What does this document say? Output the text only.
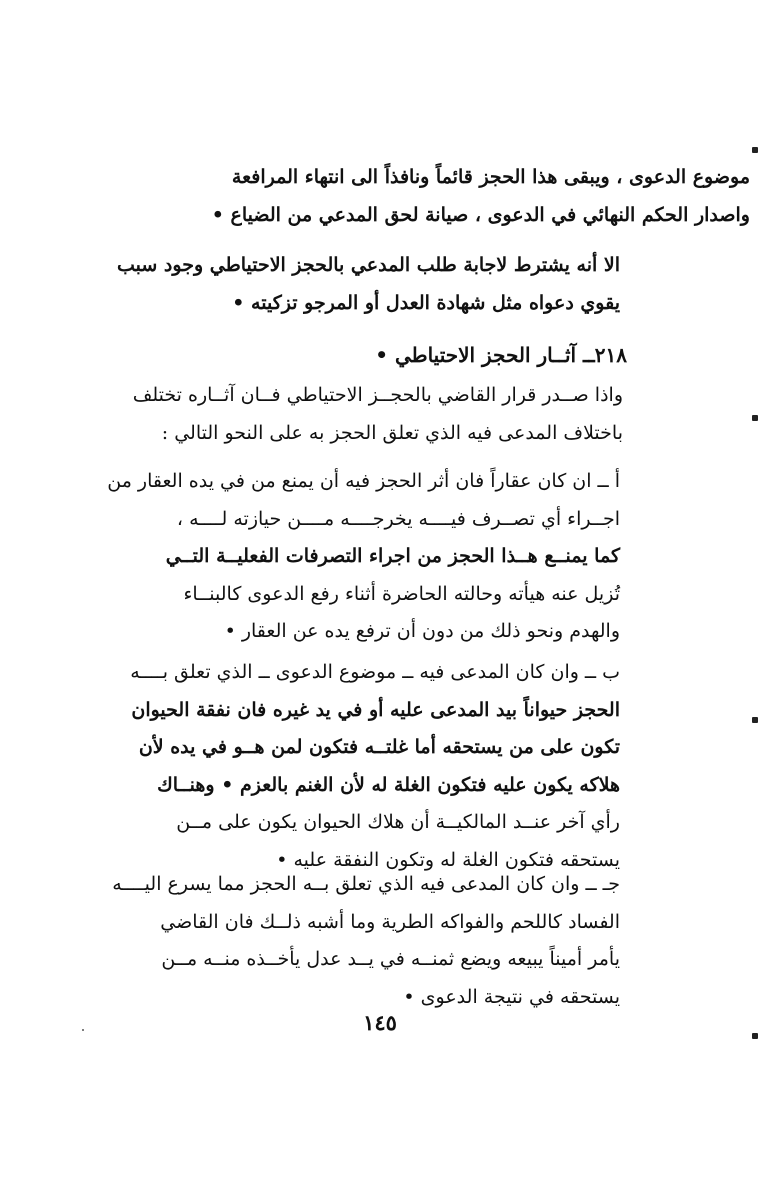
موضوع الدعوى ، ويبقى هذا الحجز قائماً ونافذاً الى انتهاء المرافعة
واصدار الحكم النهائي في الدعوى ، صيانة لحق المدعي من الضياع •
الا أنه يشترط لاجابة طلب المدعي بالحجز الاحتياطي وجود سبب
يقوي دعواه مثل شهادة العدل أو المرجو تزكيته •
٢١٨ــ آثــار الحجز الاحتياطي •
واذا صــدر قرار القاضي بالحجــز الاحتياطي فــان آثــاره تختلف
باختلاف المدعى فيه الذي تعلق الحجز به على النحو التالي :
أ ــ ان كان عقاراً فان أثر الحجز فيه أن يمنع من في يده العقار من
اجــراء أي تصــرف فيــــه يخرجــــه مــــن حيازته لــــه ،
كما يمنــع هــذا الحجز من اجراء التصرفات الفعليــة التــي
تُزيل عنه هيأته وحالته الحاضرة أثناء رفع الدعوى كالبنــاء
والهدم ونحو ذلك من دون أن ترفع يده عن العقار •
ب ــ وان كان المدعى فيه ــ موضوع الدعوى ــ الذي تعلق بــــه
الحجز حيواناً بيد المدعى عليه أو في يد غيره فان نفقة الحيوان
تكون على من يستحقه أما غلتــه فتكون لمن هــو في يده لأن
هلاكه يكون عليه فتكون الغلة له لأن الغنم بالعزم • وهنــاك
رأي آخر عنــد المالكيــة أن هلاك الحيوان يكون على مــن
يستحقه فتكون الغلة له وتكون النفقة عليه •
جـ ــ وان كان المدعى فيه الذي تعلق بــه الحجز مما يسرع اليــــه
الفساد كاللحم والفواكه الطرية وما أشبه ذلــك فان القاضي
يأمر أميناً يبيعه ويضع ثمنــه في يــد عدل يأخــذه منــه مــن
يستحقه في نتيجة الدعوى •
١٤٥
